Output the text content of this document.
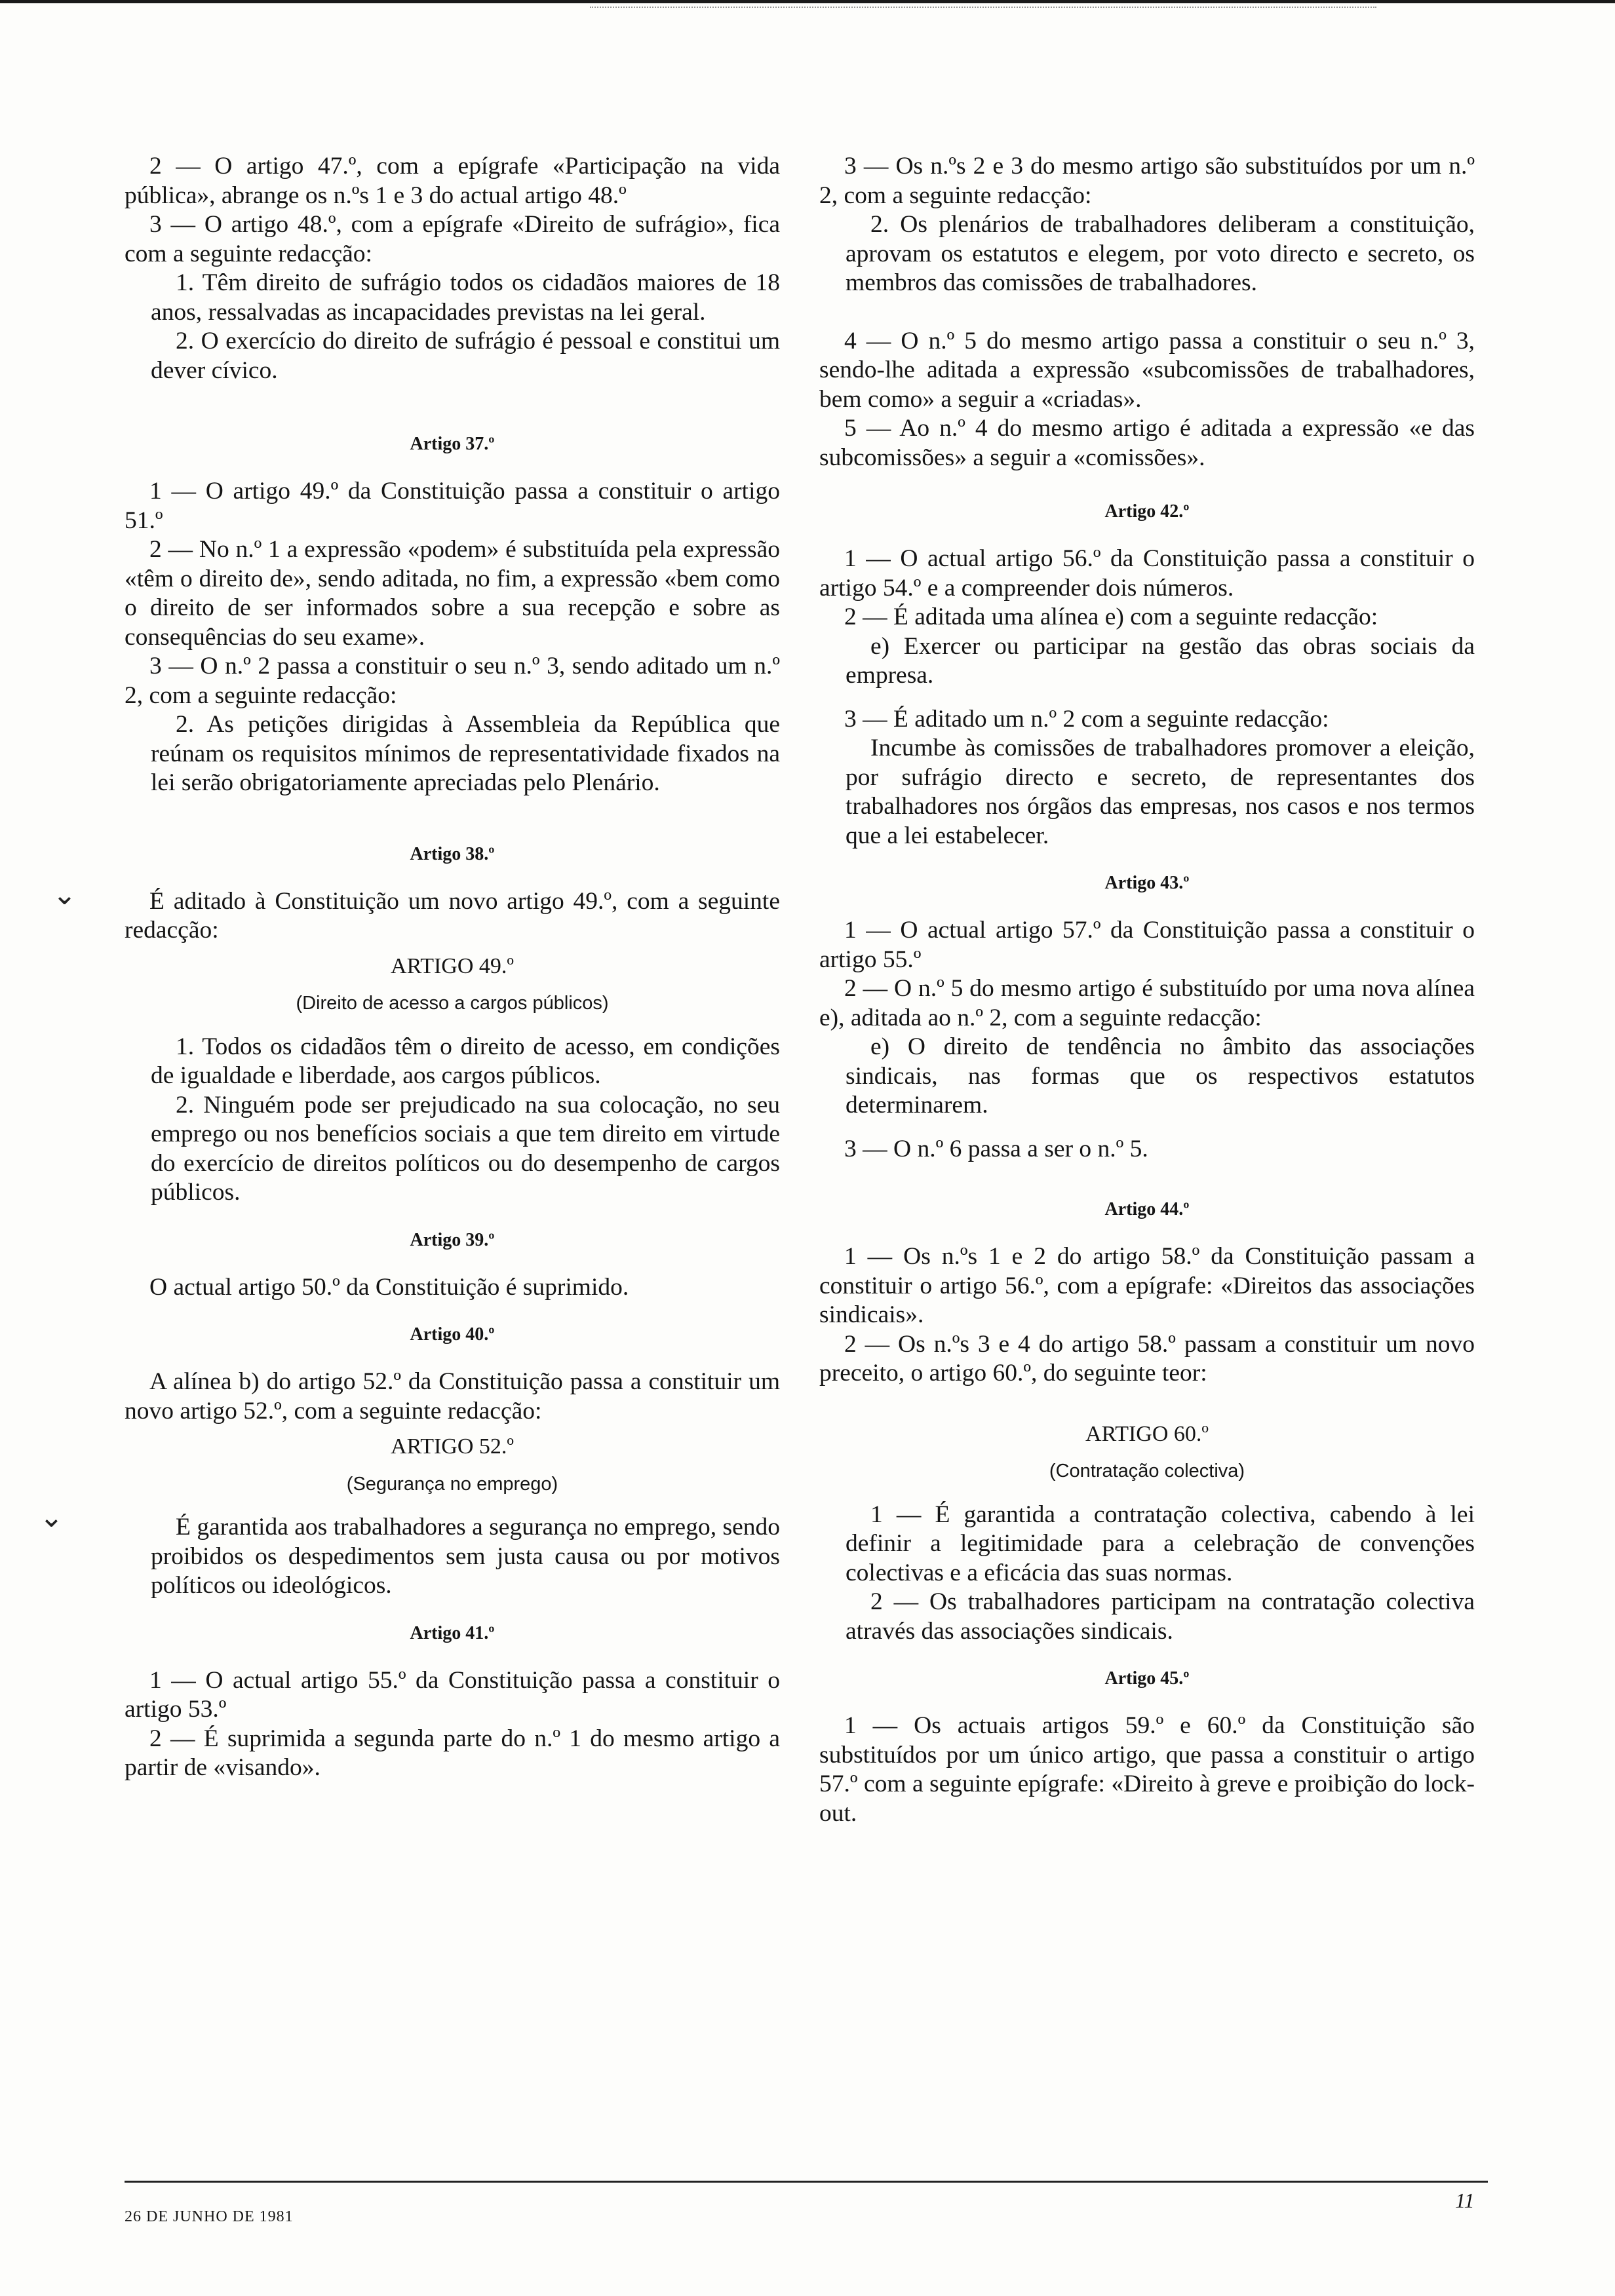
⌄
⌄

2 — O artigo 47.º, com a epígrafe «Participação na vida pública», abrange os n.ºs 1 e 3 do actual artigo 48.º

3 — O artigo 48.º, com a epígrafe «Direito de sufrágio», fica com a seguinte redacção:

1. Têm direito de sufrágio todos os cidadãos maiores de 18 anos, ressalvadas as incapacidades previstas na lei geral.

2. O exercício do direito de sufrágio é pessoal e constitui um dever cívico.

Artigo 37.º

1 — O artigo 49.º da Constituição passa a constituir o artigo 51.º

2 — No n.º 1 a expressão «podem» é substituída pela expressão «têm o direito de», sendo aditada, no fim, a expressão «bem como o direito de ser informados sobre a sua recepção e sobre as consequências do seu exame».

3 — O n.º 2 passa a constituir o seu n.º 3, sendo aditado um n.º 2, com a seguinte redacção:

2. As petições dirigidas à Assembleia da República que reúnam os requisitos mínimos de representatividade fixados na lei serão obrigatoriamente apreciadas pelo Plenário.

Artigo 38.º

É aditado à Constituição um novo artigo 49.º, com a seguinte redacção:

ARTIGO 49.º
(Direito de acesso a cargos públicos)

1. Todos os cidadãos têm o direito de acesso, em condições de igualdade e liberdade, aos cargos públicos.

2. Ninguém pode ser prejudicado na sua colocação, no seu emprego ou nos benefícios sociais a que tem direito em virtude do exercício de direitos políticos ou do desempenho de cargos públicos.

Artigo 39.º

O actual artigo 50.º da Constituição é suprimido.

Artigo 40.º

A alínea b) do artigo 52.º da Constituição passa a constituir um novo artigo 52.º, com a seguinte redacção:

ARTIGO 52.º
(Segurança no emprego)

É garantida aos trabalhadores a segurança no emprego, sendo proibidos os despedimentos sem justa causa ou por motivos políticos ou ideológicos.

Artigo 41.º

1 — O actual artigo 55.º da Constituição passa a constituir o artigo 53.º

2 — É suprimida a segunda parte do n.º 1 do mesmo artigo a partir de «visando».

3 — Os n.ºs 2 e 3 do mesmo artigo são substituídos por um n.º 2, com a seguinte redacção:

2. Os plenários de trabalhadores deliberam a constituição, aprovam os estatutos e elegem, por voto directo e secreto, os membros das comissões de trabalhadores.

4 — O n.º 5 do mesmo artigo passa a constituir o seu n.º 3, sendo-lhe aditada a expressão «subcomissões de trabalhadores, bem como» a seguir a «criadas».

5 — Ao n.º 4 do mesmo artigo é aditada a expressão «e das subcomissões» a seguir a «comissões».

Artigo 42.º

1 — O actual artigo 56.º da Constituição passa a constituir o artigo 54.º e a compreender dois números.

2 — É aditada uma alínea e) com a seguinte redacção:

e) Exercer ou participar na gestão das obras sociais da empresa.

3 — É aditado um n.º 2 com a seguinte redacção:

Incumbe às comissões de trabalhadores promover a eleição, por sufrágio directo e secreto, de representantes dos trabalhadores nos órgãos das empresas, nos casos e nos termos que a lei estabelecer.

Artigo 43.º

1 — O actual artigo 57.º da Constituição passa a constituir o artigo 55.º

2 — O n.º 5 do mesmo artigo é substituído por uma nova alínea e), aditada ao n.º 2, com a seguinte redacção:

e) O direito de tendência no âmbito das associações sindicais, nas formas que os respectivos estatutos determinarem.

3 — O n.º 6 passa a ser o n.º 5.

Artigo 44.º

1 — Os n.ºs 1 e 2 do artigo 58.º da Constituição passam a constituir o artigo 56.º, com a epígrafe: «Direitos das associações sindicais».

2 — Os n.ºs 3 e 4 do artigo 58.º passam a constituir um novo preceito, o artigo 60.º, do seguinte teor:

ARTIGO 60.º
(Contratação colectiva)

1 — É garantida a contratação colectiva, cabendo à lei definir a legitimidade para a celebração de convenções colectivas e a eficácia das suas normas.

2 — Os trabalhadores participam na contratação colectiva através das associações sindicais.

Artigo 45.º

1 — Os actuais artigos 59.º e 60.º da Constituição são substituídos por um único artigo, que passa a constituir o artigo 57.º com a seguinte epígrafe: «Direito à greve e proibição do lock-out.

26 DE JUNHO DE 1981
11
